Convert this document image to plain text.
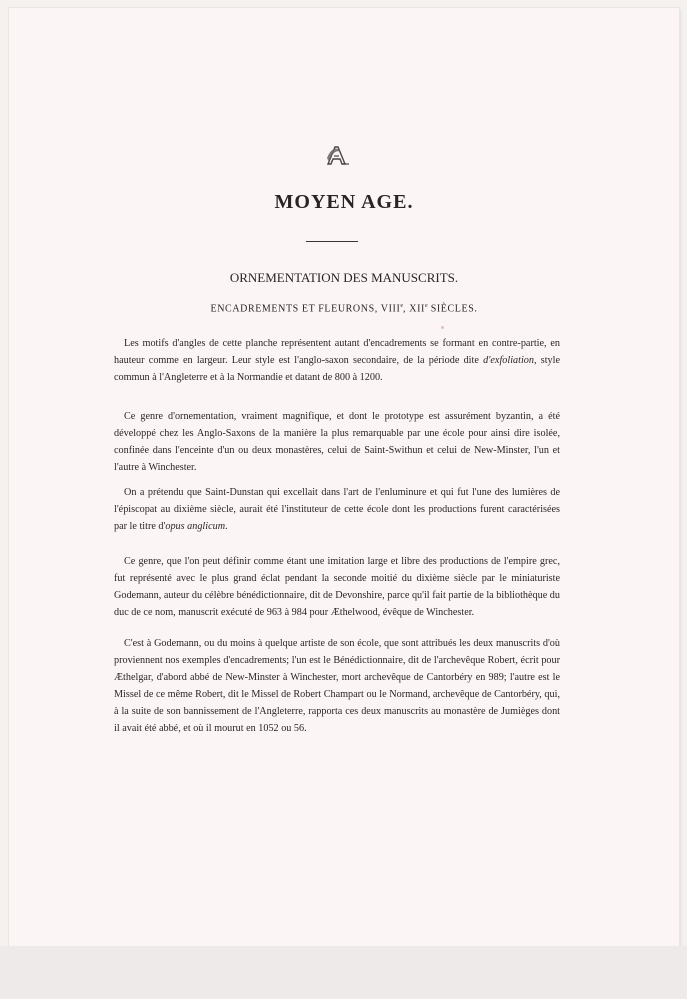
MOYEN AGE.
ORNEMENTATION DES MANUSCRITS.
ENCADREMENTS ET FLEURONS, VIIIe, XIIe SIÈCLES.

Les motifs d'angles de cette planche représentent autant d'encadrements se formant en contre-partie, en hauteur comme en largeur. Leur style est l'anglo-saxon secondaire, de la période dite d'exfoliation, style commun à l'Angleterre et à la Normandie et datant de 800 à 1200.

Ce genre d'ornementation, vraiment magnifique, et dont le prototype est assurément byzantin, a été développé chez les Anglo-Saxons de la manière la plus remarquable par une école pour ainsi dire isolée, confinée dans l'enceinte d'un ou deux monastères, celui de Saint-Swithun et celui de New-Minster, l'un et l'autre à Winchester.

On a prétendu que Saint-Dunstan qui excellait dans l'art de l'enluminure et qui fut l'une des lumières de l'épiscopat au dixième siècle, aurait été l'instituteur de cette école dont les productions furent caractérisées par le titre d'opus anglicum.

Ce genre, que l'on peut définir comme étant une imitation large et libre des productions de l'empire grec, fut représenté avec le plus grand éclat pendant la seconde moitié du dixième siècle par le miniaturiste Godemann, auteur du célèbre bénédictionnaire, dit de Devonshire, parce qu'il fait partie de la bibliothèque du duc de ce nom, manuscrit exécuté de 963 à 984 pour Æthelwood, évêque de Winchester.

C'est à Godemann, ou du moins à quelque artiste de son école, que sont attribués les deux manuscrits d'où proviennent nos exemples d'encadrements; l'un est le Bénédictionnaire, dit de l'archevêque Robert, écrit pour Æthelgar, d'abord abbé de New-Minster à Winchester, mort archevêque de Cantorbéry en 989; l'autre est le Missel de ce même Robert, dit le Missel de Robert Champart ou le Normand, archevêque de Cantorbéry, qui, à la suite de son bannissement de l'Angleterre, rapporta ces deux manuscrits au monastère de Jumièges dont il avait été abbé, et où il mourut en 1052 ou 56.
